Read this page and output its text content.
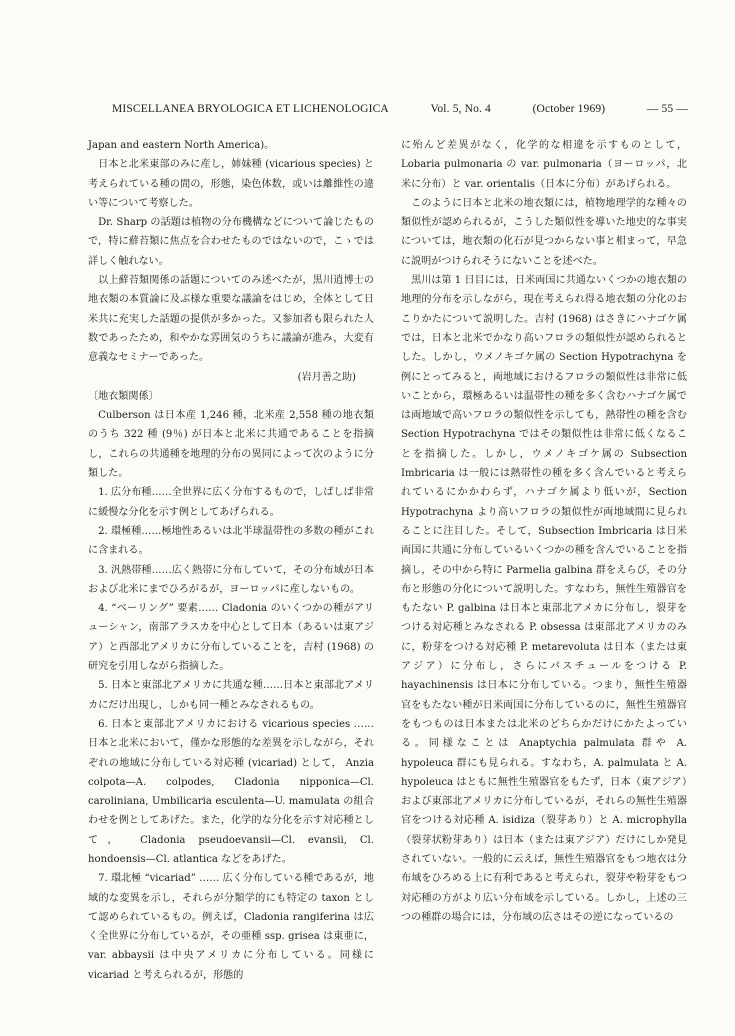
MISCELLANEA BRYOLOGICA ET LICHENOLOGICA	Vol. 5, No. 4	(October 1969)	— 55 —

Japan and eastern North America)。

日本と北米東部のみに産し，姉妹種 (vicarious species) と考えられている種の間の，形態，染色体数，或いは離維性の違い等について考察した。

Dr. Sharp の話題は植物の分布機構などについて論じたもので，特に蘚苔類に焦点を合わせたものではないので，こゝでは詳しく触れない。

以上蘚苔類関係の話題についてのみ述べたが，黒川逍博士の地衣類の本質論に及ぶ様な重要な議論をはじめ，全体として日米共に充実した話題の提供が多かった。又参加者も限られた人数であったため，和やかな雰囲気のうちに議論が進み，大変有意義なセミナーであった。

(岩月善之助)

〔地衣類関係〕

Culberson は日本産 1,246 種，北米産 2,558 種の地衣類のうち 322 種 (9％) が日本と北米に共通であることを指摘し，これらの共通種を地理的分布の異同によって次のように分類した。

1. 広分布種……全世界に広く分布するもので，しばしば非常に緩慢な分化を示す例としてあげられる。

2. 環極種……極地性あるいは北半球温帯性の多数の種がこれに含まれる。

3. 汎熱帯種……広く熱帯に分布していて，その分布域が日本および北米にまでひろがるが，ヨーロッパに産しないもの。

4. “ベーリング” 要素…… Cladonia のいくつかの種がアリューシャン，南部アラスカを中心として日本（あるいは東アジア）と西部北アメリカに分布していることを，吉村 (1968) の研究を引用しながら指摘した。

5. 日本と東部北アメリカに共通な種……日本と東部北アメリカにだけ出現し，しかも同一種とみなされるもの。

6. 日本と東部北アメリカにおける vicarious species ……日本と北米において，僅かな形態的な差異を示しながら，それぞれの地域に分布している対応種 (vicariad) として， Anzia colpota—A. colpodes, Cladonia nipponica—Cl. caroliniana, Umbilicaria esculenta—U. mamulata の組合わせを例としてあげた。また，化学的な分化を示す対応種として， Cladonia pseudoevansii—Cl. evansii, Cl. hondoensis—Cl. atlantica などをあげた。

7. 環北極 “vicariad” …… 広く分布している種であるが，地域的な変異を示し，それらが分類学的にも特定の taxon として認められているもの。例えば，Cladonia rangiferina は広く全世界に分布しているが，その亜種 ssp. grisea は東亜に，var. abbaysii は中央アメリカに分布している。同様に vicariad と考えられるが，形態的

に殆んど差異がなく，化学的な相違を示すものとして，Lobaria pulmonaria の var. pulmonaria（ヨーロッパ，北米に分布）と var. orientalis（日本に分布）があげられる。

このように日本と北米の地衣類には，植物地理学的な種々の類似性が認められるが，こうした類似性を導いた地史的な事実については，地衣類の化石が見つからない事と相まって，早急に説明がつけられそうにないことを述べた。

黒川は第 1 日目には，日米両国に共通ないくつかの地衣類の地理的分布を示しながら，現在考えられ得る地衣類の分化のおこりかたについて説明した。吉村 (1968) はさきにハナゴケ属では，日本と北米でかなり高いフロラの類似性が認められるとした。しかし，ウメノキゴケ属の Section Hypotrachyna を例にとってみると，両地域におけるフロラの類似性は非常に低いことから，環極あるいは温帯性の種を多く含むハナゴケ属では両地域で高いフロラの類似性を示しても，熱帯性の種を含む Section Hypotrachyna ではその類似性は非常に低くなることを指摘した。しかし，ウメノキゴケ属の Subsection Imbricaria は一般には熱帯性の種を多く含んでいると考えられているにかかわらず，ハナゴケ属より低いが，Section Hypotrachyna より高いフロラの類似性が両地域間に見られることに注目した。そして，Subsection Imbricaria は日米両国に共通に分布しているいくつかの種を含んでいることを指摘し，その中から特に Parmelia galbina 群をえらび，その分布と形態の分化について説明した。すなわち，無性生殖器官をもたない P. galbina は日本と東部北アメカに分布し，裂芽をつける対応種とみなされる P. obsessa は東部北アメリカのみに，粉芽をつける対応種 P. metarevoluta は日本（または東アジア）に分布し，さらにパスチュールをつける P. hayachinensis は日本に分布している。つまり，無性生殖器官をもたない種が日米両国に分布しているのに，無性生殖器官をもつものは日本または北米のどちらかだけにかたよっている。同様なことは Anaptychia palmulata 群や A. hypoleuca 群にも見られる。すなわち，A. palmulata と A. hypoleuca はともに無性生殖器官をもたず，日本（東アジア）および東部北アメリカに分布しているが，それらの無性生殖器官をつける対応種 A. isidiza（裂芽あり）と A. microphylla（裂芽状粉芽あり）は日本（または東アジア）だけにしか発見されていない。一般的に云えば，無性生殖器官をもつ地衣は分布域をひろめる上に有利であると考えられ，裂芽や粉芽をもつ対応種の方がより広い分布域を示している。しかし，上述の三つの種群の場合には，分布域の広さはその逆になっているの
